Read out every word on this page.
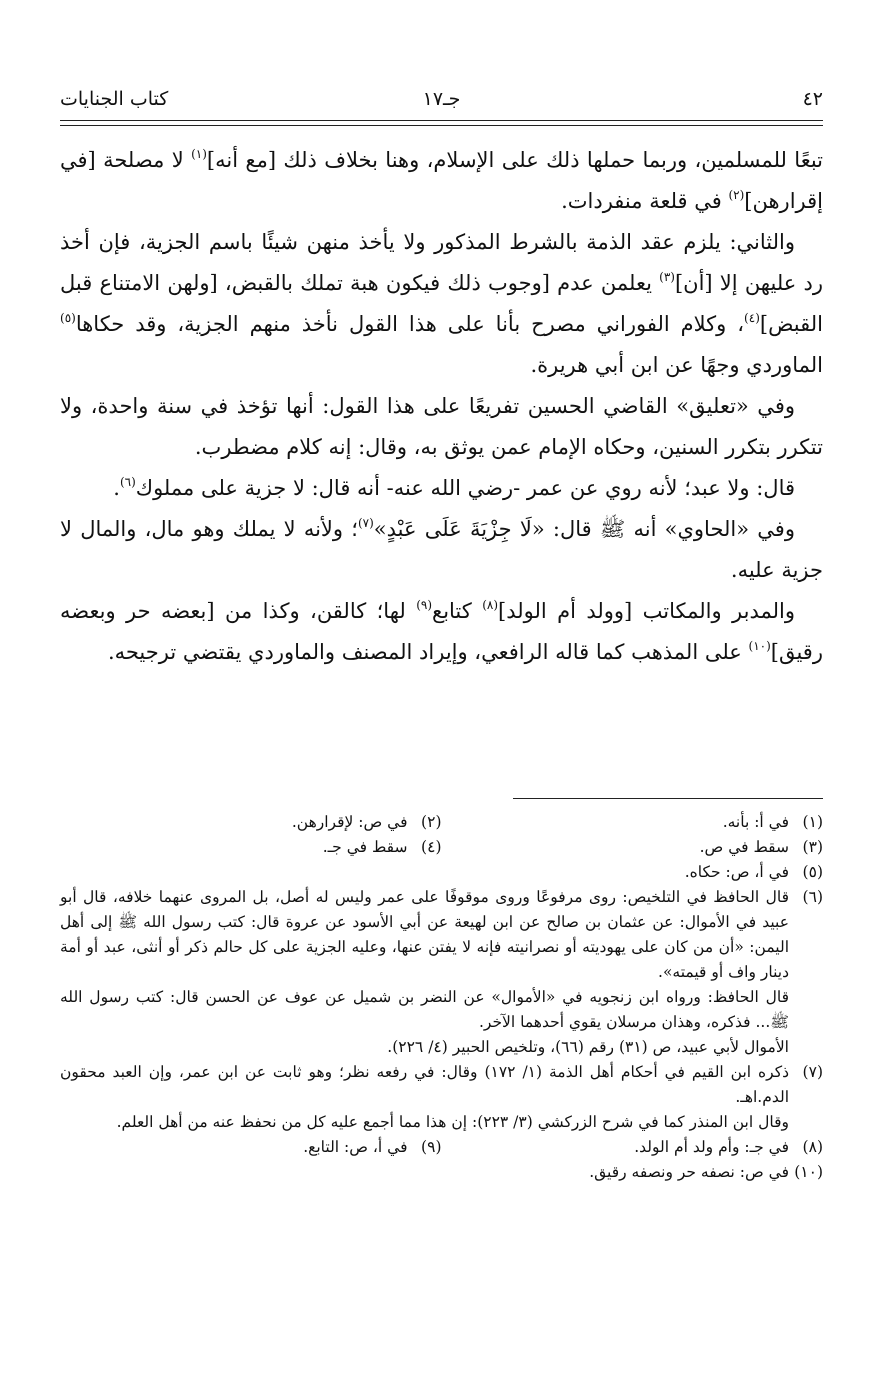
٤٢
جـ١٧
كتاب الجنايات

تبعًا للمسلمين، وربما حملها ذلك على الإسلام، وهنا بخلاف ذلك [مع أنه]$^{(١)}$ لا مصلحة [في إقرارهن]$^{(٢)}$ في قلعة منفردات.

والثاني: يلزم عقد الذمة بالشرط المذكور ولا يأخذ منهن شيئًا باسم الجزية، فإن أخذ رد عليهن إلا [أن]$^{(٣)}$ يعلمن عدم [وجوب ذلك فيكون هبة تملك بالقبض، [ولهن الامتناع قبل القبض]$^{(٤)}$، وكلام الفوراني مصرح بأنا على هذا القول نأخذ منهم الجزية، وقد حكاها$^{(٥)}$ الماوردي وجهًا عن ابن أبي هريرة.

وفي «تعليق» القاضي الحسين تفريعًا على هذا القول: أنها تؤخذ في سنة واحدة، ولا تتكرر بتكرر السنين، وحكاه الإمام عمن يوثق به، وقال: إنه كلام مضطرب.

قال: ولا عبد؛ لأنه روي عن عمر -رضي الله عنه- أنه قال: لا جزية على مملوك$^{(٦)}$.

وفي «الحاوي» أنه ﷺ قال: «لَا جِزْيَةَ عَلَى عَبْدٍ»$^{(٧)}$؛ ولأنه لا يملك وهو مال، والمال لا جزية عليه.

والمدبر والمكاتب [وولد أم الولد]$^{(٨)}$ كتابع$^{(٩)}$ لها؛ كالقن، وكذا من [بعضه حر وبعضه رقيق]$^{(١٠)}$ على المذهب كما قاله الرافعي، وإيراد المصنف والماوردي يقتضي ترجيحه.

(١)
في أ: بأنه.
(٢)
في ص: لإقرارهن.
(٣)
سقط في ص.
(٤)
سقط في جـ.
(٥)
في أ، ص: حكاه.
(٦)
قال الحافظ في التلخيص: روى مرفوعًا وروى موقوفًا على عمر وليس له أصل، بل المروى عنهما خلافه، قال أبو عبيد في الأموال: عن عثمان بن صالح عن ابن لهيعة عن أبي الأسود عن عروة قال: كتب رسول الله ﷺ إلى أهل اليمن: «أن من كان على يهوديته أو نصرانيته فإنه لا يفتن عنها، وعليه الجزية على كل حالم ذكر أو أنثى، عبد أو أمة دينار واف أو قيمته».
قال الحافظ: ورواه ابن زنجويه في «الأموال» عن النضر بن شميل عن عوف عن الحسن قال: كتب رسول الله ﷺ... فذكره، وهذان مرسلان يقوي أحدهما الآخر.
الأموال لأبي عبيد، ص (٣١) رقم (٦٦)، وتلخيص الحبير (٤/ ٢٢٦).
(٧)
ذكره ابن القيم في أحكام أهل الذمة (١/ ١٧٢) وقال: في رفعه نظر؛ وهو ثابت عن ابن عمر، وإن العبد محقون الدم.اهـ.
وقال ابن المنذر كما في شرح الزركشي (٣/ ٢٢٣): إن هذا مما أجمع عليه كل من نحفظ عنه من أهل العلم.
(٨)
في جـ: وأم ولد أم الولد.
(٩)
في أ، ص: التابع.
(١٠)
في ص: نصفه حر ونصفه رقيق.
